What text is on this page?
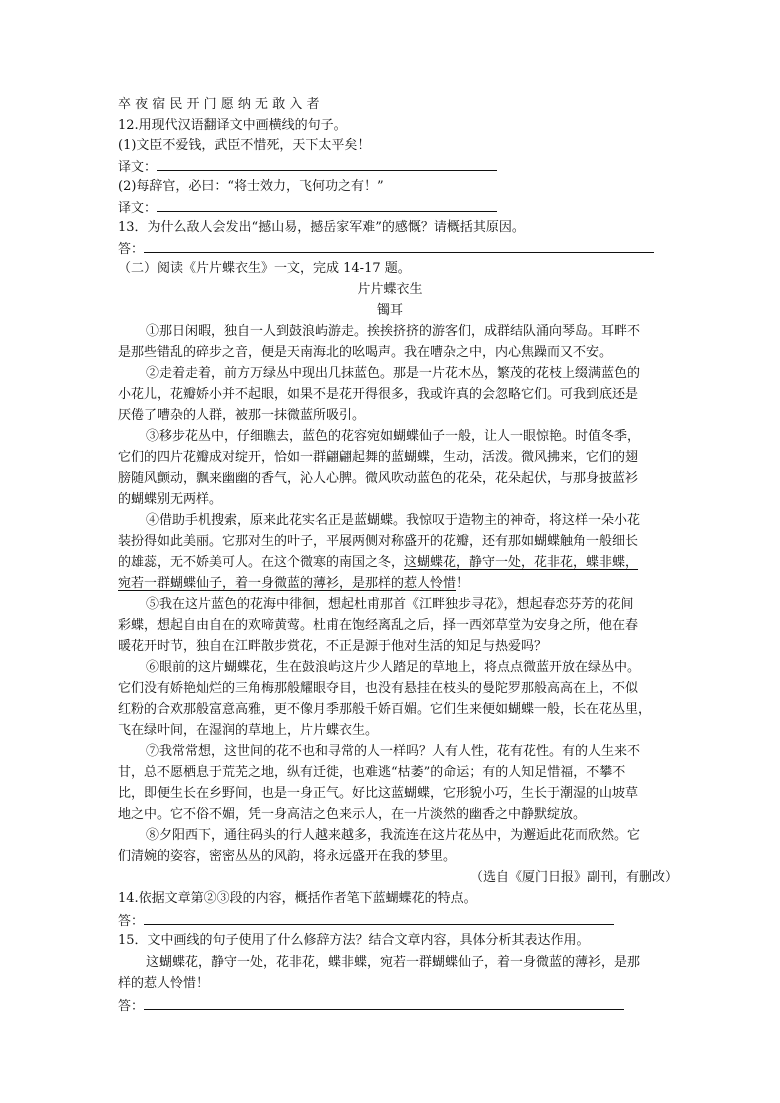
卒 夜 宿 民 开 门 愿 纳 无 敢 入 者
12.用现代汉语翻译文中画横线的句子。
(1)文臣不爱钱，武臣不惜死，天下太平矣！
译文：
(2)每辞官，必曰：“将士效力，飞何功之有！”
译文：
13．为什么敌人会发出“撼山易，撼岳家军难”的感慨？请概括其原因。
答：
（二）阅读《片片蝶衣生》一文，完成 14-17 题。
片片蝶衣生
镯耳
①那日闲暇，独自一人到鼓浪屿游走。挨挨挤挤的游客们，成群结队涌向琴岛。耳畔不
是那些错乱的碎步之音，便是天南海北的吆喝声。我在嘈杂之中，内心焦躁而又不安。
②走着走着，前方万绿丛中现出几抹蓝色。那是一片花木丛，繁茂的花枝上缀满蓝色的
小花儿，花瓣娇小并不起眼，如果不是花开得很多，我或许真的会忽略它们。可我到底还是
厌倦了嘈杂的人群，被那一抹微蓝所吸引。
③移步花丛中，仔细瞧去，蓝色的花容宛如蝴蝶仙子一般，让人一眼惊艳。时值冬季，
它们的四片花瓣成对绽开，恰如一群翩翩起舞的蓝蝴蝶，生动，活泼。微风拂来，它们的翅
膀随风颤动，飘来幽幽的香气，沁人心脾。微风吹动蓝色的花朵，花朵起伏，与那身披蓝衫
的蝴蝶别无两样。
④借助手机搜索，原来此花实名正是蓝蝴蝶。我惊叹于造物主的神奇，将这样一朵小花
装扮得如此美丽。它那对生的叶子，平展两侧对称盛开的花瓣，还有那如蝴蝶触角一般细长
的雄蕊，无不娇美可人。在这个微寒的南国之冬，这蝴蝶花，静守一处，花非花，蝶非蝶，
宛若一群蝴蝶仙子，着一身微蓝的薄衫，是那样的惹人怜惜！
⑤我在这片蓝色的花海中徘徊，想起杜甫那首《江畔独步寻花》，想起春恋芬芳的花间
彩蝶，想起自由自在的欢啼黄莺。杜甫在饱经离乱之后，择一西郊草堂为安身之所，他在春
暖花开时节，独自在江畔散步赏花，不正是源于他对生活的知足与热爱吗？
⑥眼前的这片蝴蝶花，生在鼓浪屿这片少人踏足的草地上，将点点微蓝开放在绿丛中。
它们没有娇艳灿烂的三角梅那般耀眼夺目，也没有悬挂在枝头的曼陀罗那般高高在上，不似
红粉的合欢那般富意高雅，更不像月季那般千娇百媚。它们生来便如蝴蝶一般，长在花丛里，
飞在绿叶间，在湿润的草地上，片片蝶衣生。
⑦我常常想，这世间的花不也和寻常的人一样吗？人有人性，花有花性。有的人生来不
甘，总不愿栖息于荒芜之地，纵有迁徙，也难逃“枯萎”的命运；有的人知足惜福，不攀不
比，即便生长在乡野间，也是一身正气。好比这蓝蝴蝶，它形貌小巧，生长于潮湿的山坡草
地之中。它不俗不媚，凭一身高洁之色来示人，在一片淡然的幽香之中静默绽放。
⑧夕阳西下，通往码头的行人越来越多，我流连在这片花丛中，为邂逅此花而欣然。它
们清婉的姿容，密密丛丛的风韵，将永远盛开在我的梦里。
（选自《厦门日报》副刊，有删改）
14.依据文章第②③段的内容，概括作者笔下蓝蝴蝶花的特点。
答：
15．文中画线的句子使用了什么修辞方法？结合文章内容，具体分析其表达作用。
这蝴蝶花，静守一处，花非花，蝶非蝶，宛若一群蝴蝶仙子，着一身微蓝的薄衫，是那
样的惹人怜惜！
答：
